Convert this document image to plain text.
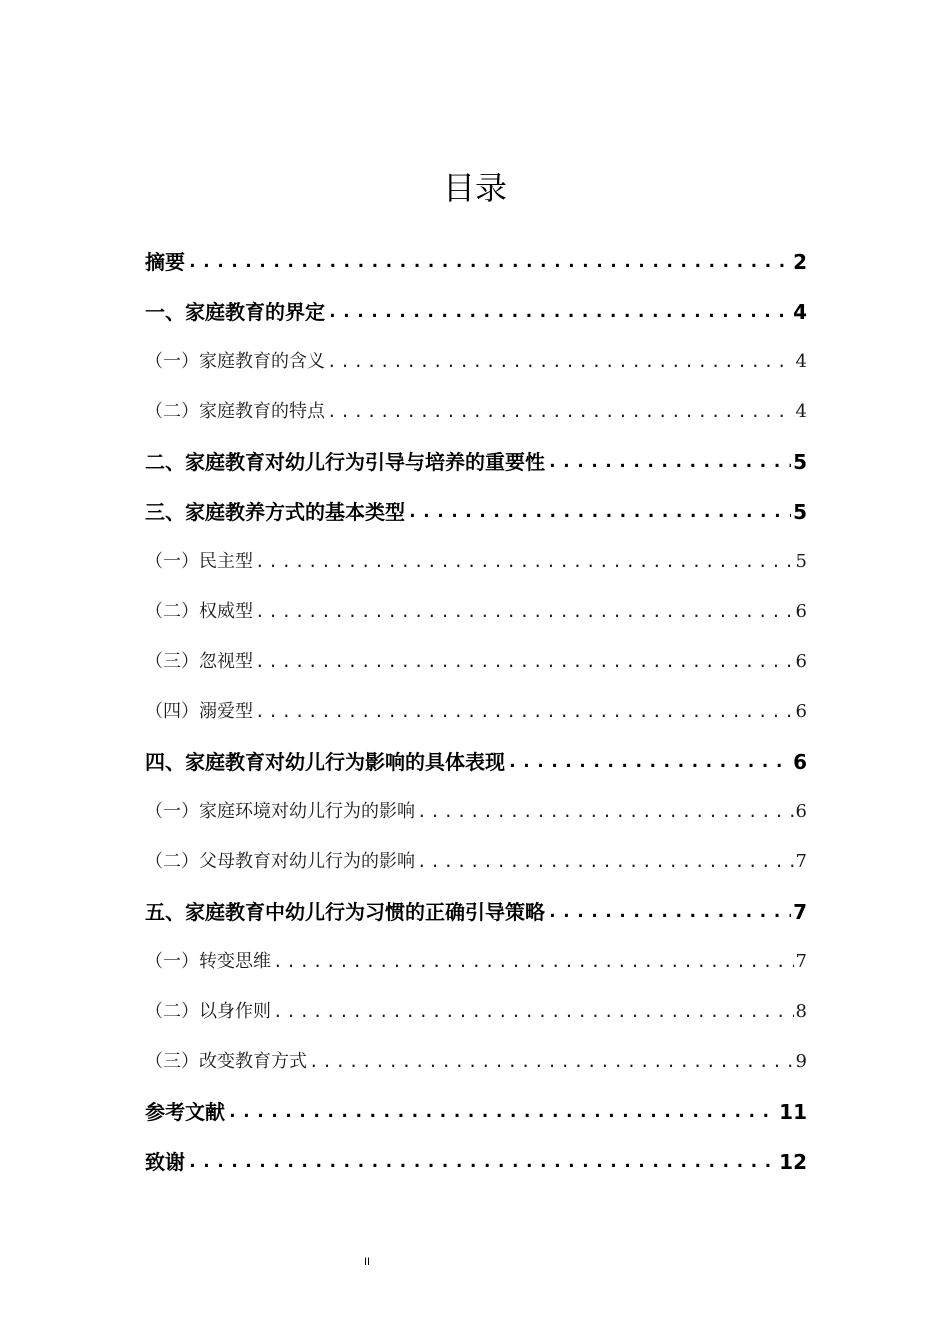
目录
摘要 .....	2
一、家庭教育的界定 .....	4
（一）家庭教育的含义 .....	4
（二）家庭教育的特点 .....	4
二、家庭教育对幼儿行为引导与培养的重要性 .....	5
三、家庭教养方式的基本类型 .....	5
（一）民主型 .....	5
（二）权威型 .....	6
（三）忽视型 .....	6
（四）溺爱型 .....	6
四、家庭教育对幼儿行为影响的具体表现 .....	6
（一）家庭环境对幼儿行为的影响 .....	6
（二）父母教育对幼儿行为的影响 .....	7
五、家庭教育中幼儿行为习惯的正确引导策略 .....	7
（一）转变思维 .....	7
（二）以身作则 .....	8
（三）改变教育方式 .....	9
参考文献 .....	11
致谢 .....	12
II
